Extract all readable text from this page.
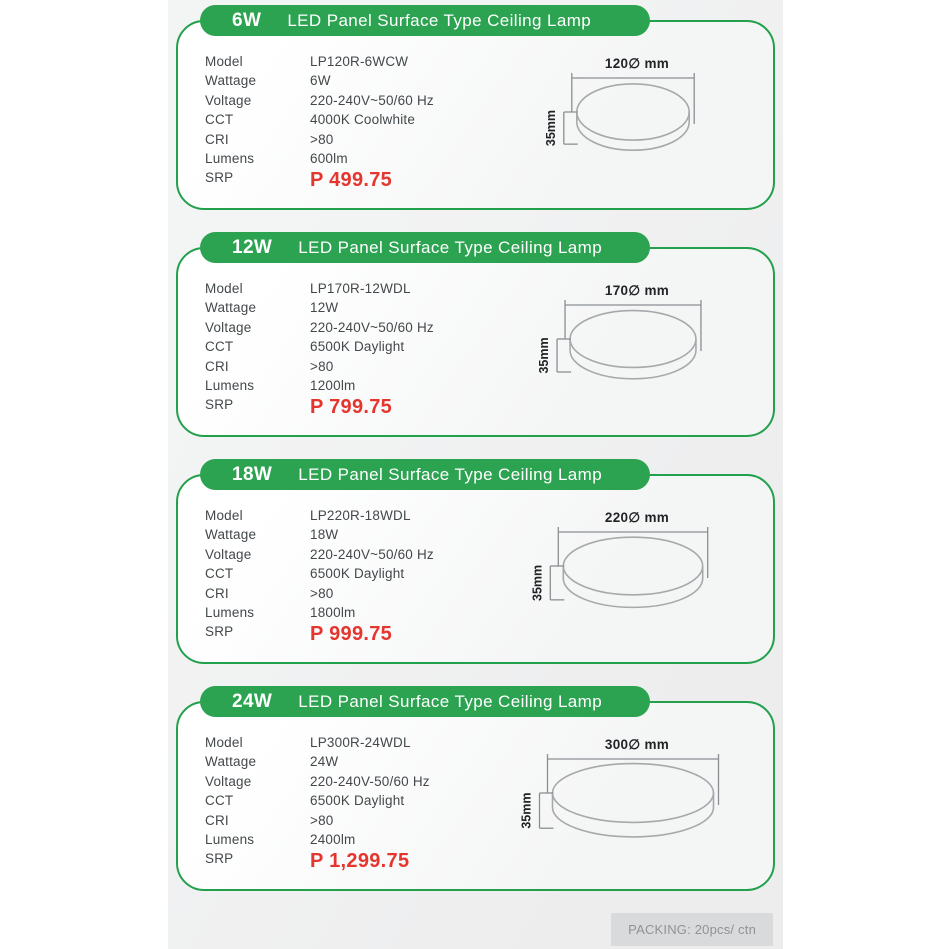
6W LED Panel Surface Type Ceiling Lamp
Model	LP120R-6WCW
Wattage	6W
Voltage	220-240V~50/60 Hz
CCT	4000K Coolwhite
CRI	>80
Lumens	600lm
SRP	P 499.75
120∅ mm
35mm
12W LED Panel Surface Type Ceiling Lamp
Model	LP170R-12WDL
Wattage	12W
Voltage	220-240V~50/60 Hz
CCT	6500K Daylight
CRI	>80
Lumens	1200lm
SRP	P 799.75
170∅ mm
35mm
18W LED Panel Surface Type Ceiling Lamp
Model	LP220R-18WDL
Wattage	18W
Voltage	220-240V~50/60 Hz
CCT	6500K Daylight
CRI	>80
Lumens	1800lm
SRP	P 999.75
220∅ mm
35mm
24W LED Panel Surface Type Ceiling Lamp
Model	LP300R-24WDL
Wattage	24W
Voltage	220-240V-50/60 Hz
CCT	6500K Daylight
CRI	>80
Lumens	2400lm
SRP	P 1,299.75
300∅ mm
35mm
PACKING: 20pcs/ ctn
